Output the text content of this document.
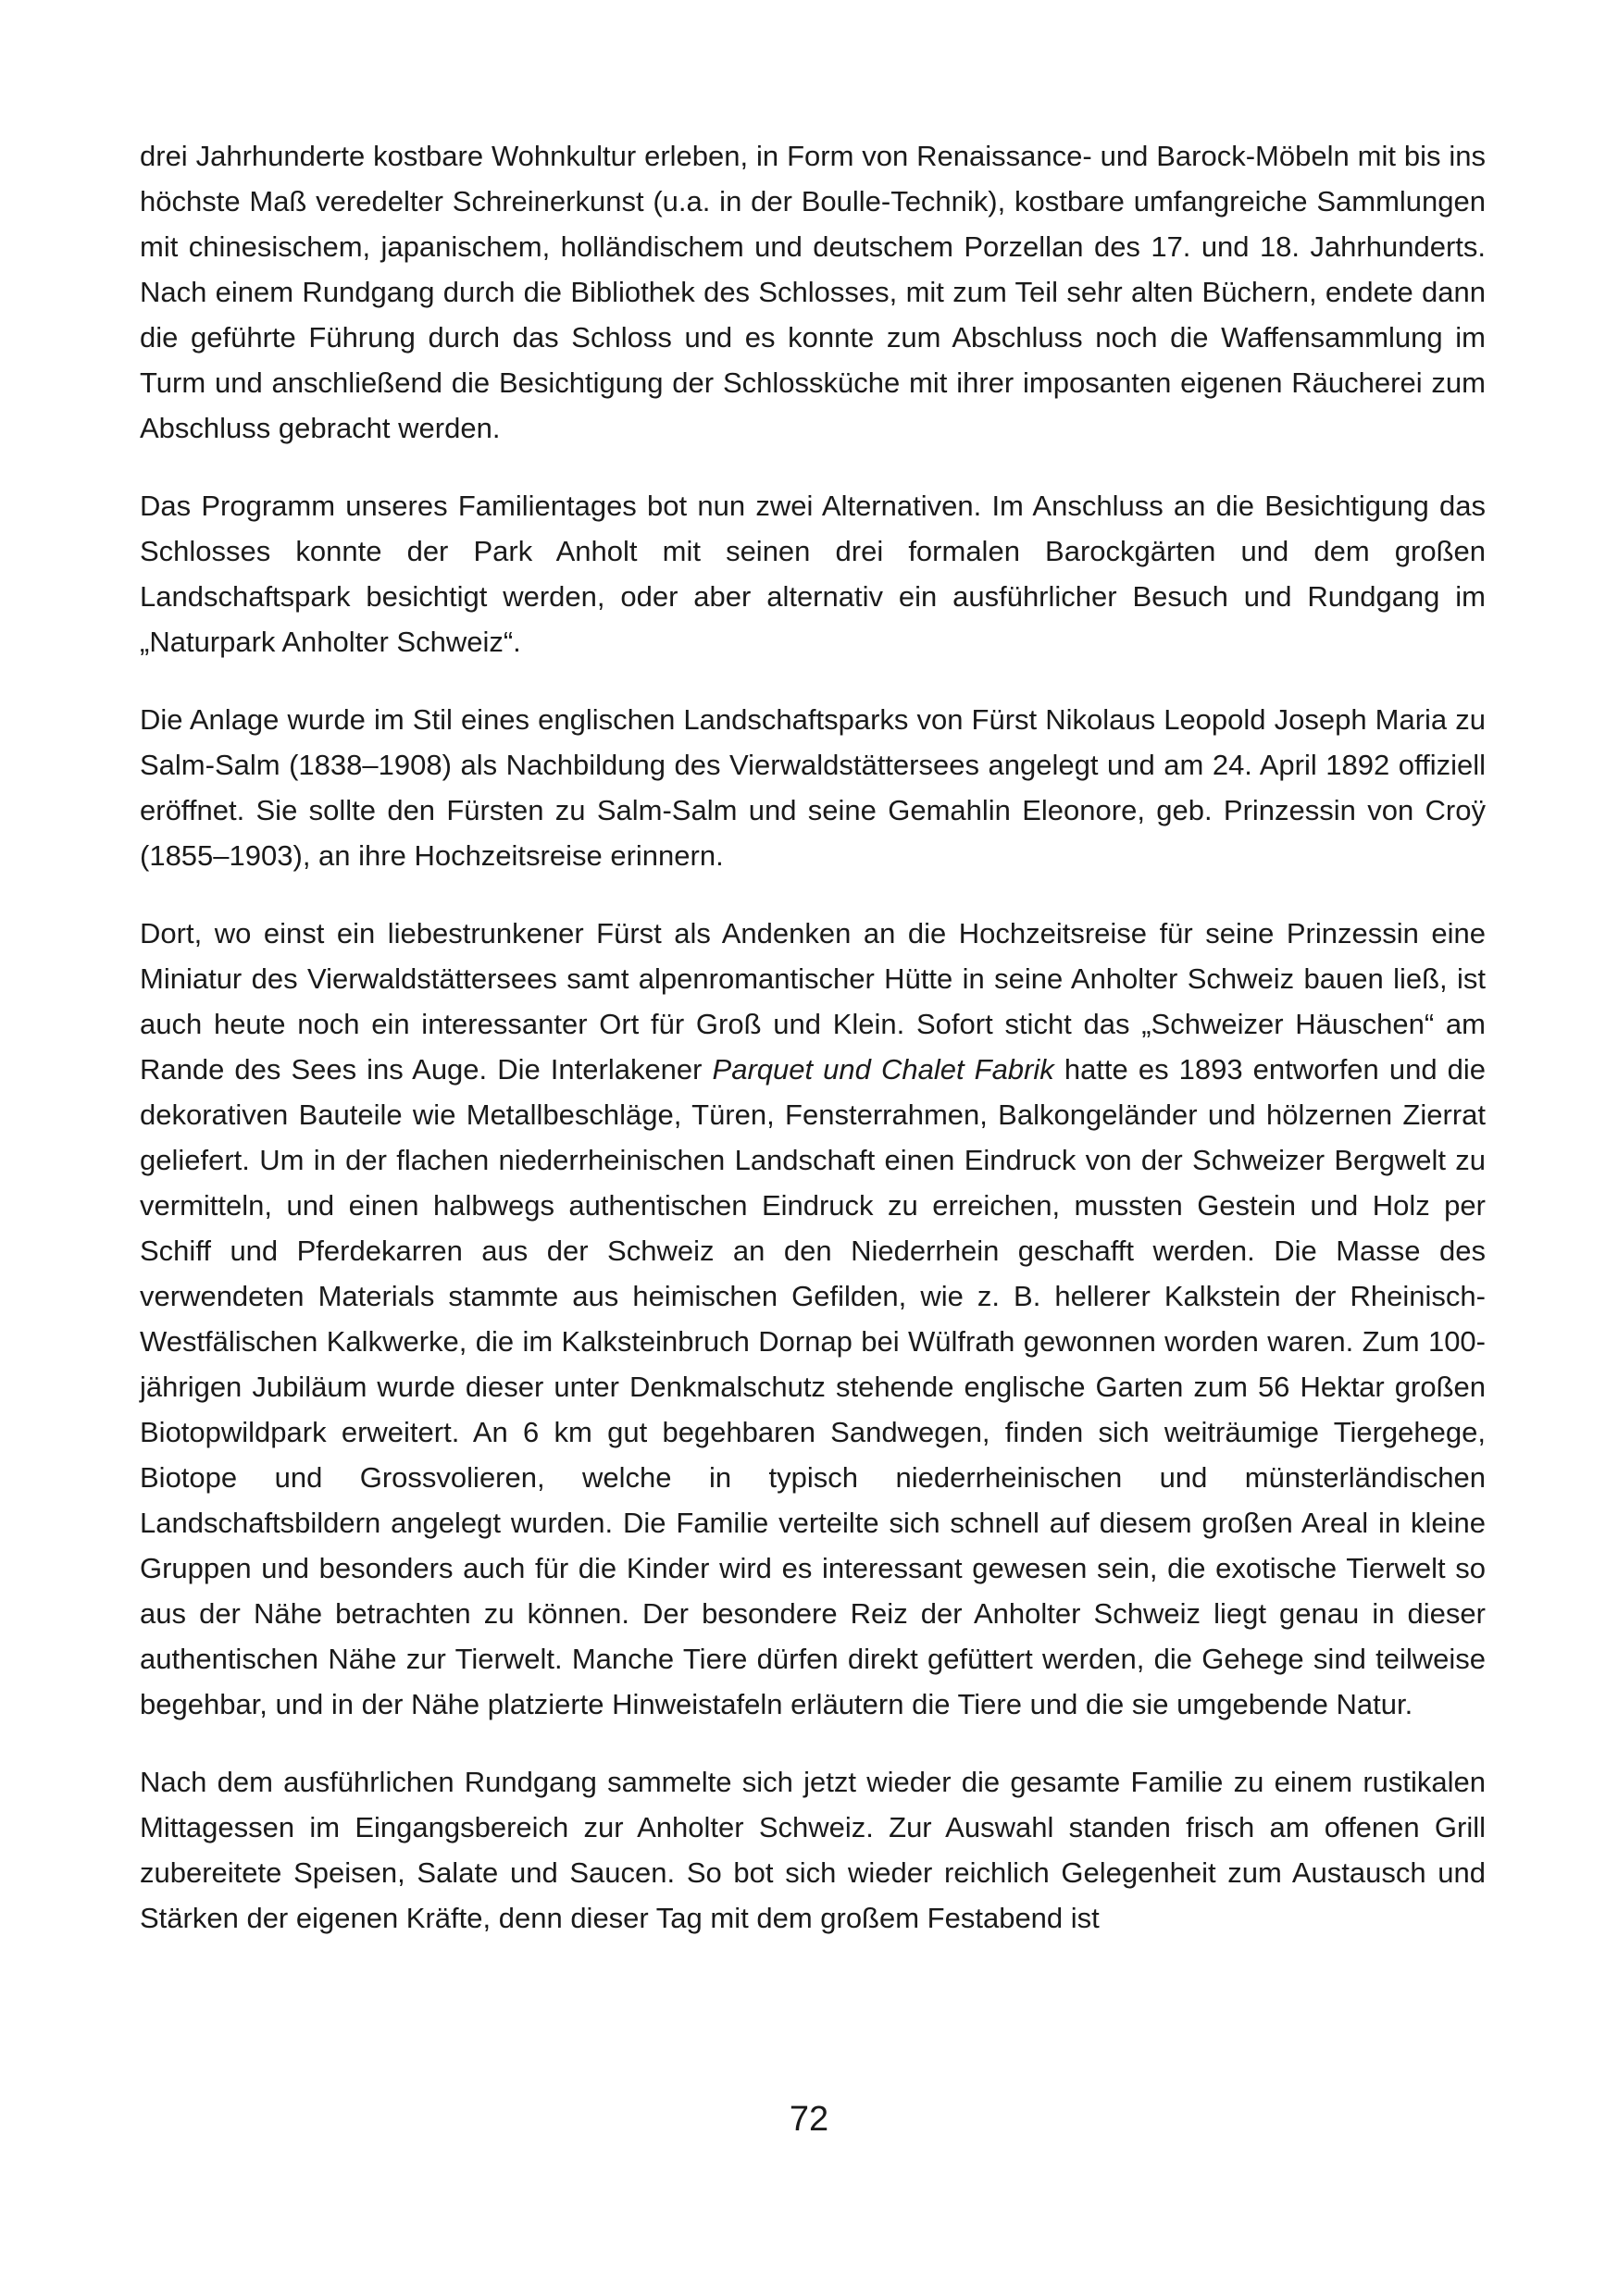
drei Jahrhunderte kostbare Wohnkultur erleben, in Form von Renaissance- und Barock-Möbeln mit bis ins höchste Maß veredelter Schreinerkunst (u.a. in der Boulle-Technik), kostbare umfangreiche Sammlungen mit chinesischem, japanischem, holländischem und deutschem Porzellan des 17. und 18. Jahrhunderts. Nach einem Rundgang durch die Bibliothek des Schlosses, mit zum Teil sehr alten Büchern, endete dann die geführte Führung durch das Schloss und es konnte zum Abschluss noch die Waffensammlung im Turm und anschließend die Besichtigung der Schlossküche mit ihrer imposanten eigenen Räucherei zum Abschluss gebracht werden.

Das Programm unseres Familientages bot nun zwei Alternativen. Im Anschluss an die Besichtigung das Schlosses konnte der Park Anholt mit seinen drei formalen Barockgärten und dem großen Landschaftspark besichtigt werden, oder aber alternativ ein ausführlicher Besuch und Rundgang im „Naturpark Anholter Schweiz“.

Die Anlage wurde im Stil eines englischen Landschaftsparks von Fürst Nikolaus Leopold Joseph Maria zu Salm-Salm (1838–1908) als Nachbildung des Vierwaldstättersees angelegt und am 24. April 1892 offiziell eröffnet. Sie sollte den Fürsten zu Salm-Salm und seine Gemahlin Eleonore, geb. Prinzessin von Croÿ (1855–1903), an ihre Hochzeitsreise erinnern.

Dort, wo einst ein liebestrunkener Fürst als Andenken an die Hochzeitsreise für seine Prinzessin eine Miniatur des Vierwaldstättersees samt alpenromantischer Hütte in seine Anholter Schweiz bauen ließ, ist auch heute noch ein interessanter Ort für Groß und Klein. Sofort sticht das „Schweizer Häuschen“ am Rande des Sees ins Auge. Die Interlakener Parquet und Chalet Fabrik hatte es 1893 entworfen und die dekorativen Bauteile wie Metallbeschläge, Türen, Fensterrahmen, Balkongeländer und hölzernen Zierrat geliefert. Um in der flachen niederrheinischen Landschaft einen Eindruck von der Schweizer Bergwelt zu vermitteln, und einen halbwegs authentischen Eindruck zu erreichen, mussten Gestein und Holz per Schiff und Pferdekarren aus der Schweiz an den Niederrhein geschafft werden. Die Masse des verwendeten Materials stammte aus heimischen Gefilden, wie z. B. hellerer Kalkstein der Rheinisch-Westfälischen Kalkwerke, die im Kalksteinbruch Dornap bei Wülfrath gewonnen worden waren. Zum 100-jährigen Jubiläum wurde dieser unter Denkmalschutz stehende englische Garten zum 56 Hektar großen Biotopwildpark erweitert. An 6 km gut begehbaren Sandwegen, finden sich weiträumige Tiergehege, Biotope und Grossvolieren, welche in typisch niederrheinischen und münsterländischen Landschaftsbildern angelegt wurden. Die Familie verteilte sich schnell auf diesem großen Areal in kleine Gruppen und besonders auch für die Kinder wird es interessant gewesen sein, die exotische Tierwelt so aus der Nähe betrachten zu können. Der besondere Reiz der Anholter Schweiz liegt genau in dieser authentischen Nähe zur Tierwelt. Manche Tiere dürfen direkt gefüttert werden, die Gehege sind teilweise begehbar, und in der Nähe platzierte Hinweistafeln erläutern die Tiere und die sie umgebende Natur.

Nach dem ausführlichen Rundgang sammelte sich jetzt wieder die gesamte Familie zu einem rustikalen Mittagessen im Eingangsbereich zur Anholter Schweiz. Zur Auswahl standen frisch am offenen Grill zubereitete Speisen, Salate und Saucen. So bot sich wieder reichlich Gelegenheit zum Austausch und Stärken der eigenen Kräfte, denn dieser Tag mit dem großem Festabend ist

72
